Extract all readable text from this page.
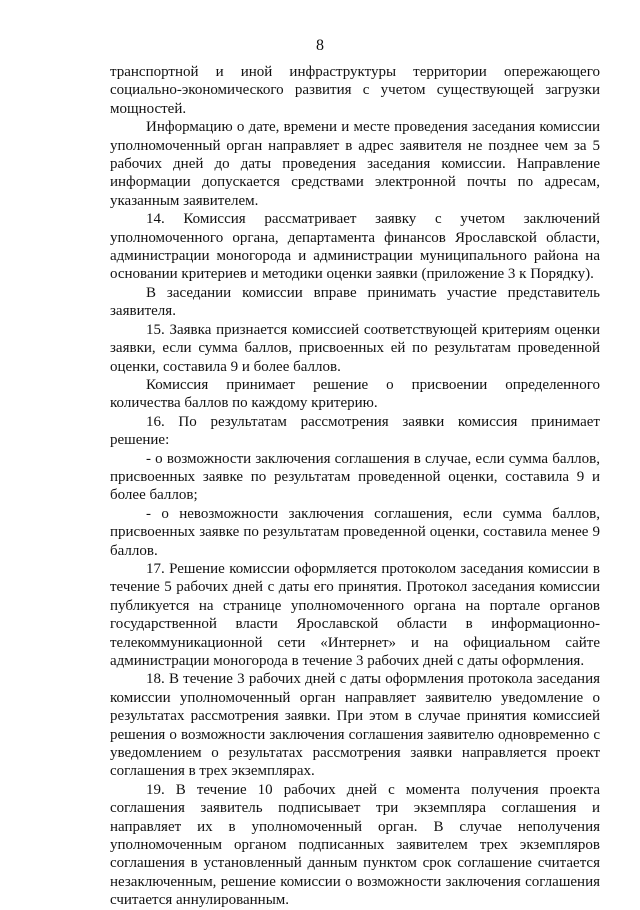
8

транспортной и иной инфраструктуры территории опережающего социально-экономического развития с учетом существующей загрузки мощностей.

Информацию о дате, времени и месте проведения заседания комиссии уполномоченный орган направляет в адрес заявителя не позднее чем за 5 рабочих дней до даты проведения заседания комиссии. Направление информации допускается средствами электронной почты по адресам, указанным заявителем.

14. Комиссия рассматривает заявку с учетом заключений уполномоченного органа, департамента финансов Ярославской области, администрации моногорода и администрации муниципального района на основании критериев и методики оценки заявки (приложение 3 к Порядку).

В заседании комиссии вправе принимать участие представитель заявителя.

15. Заявка признается комиссией соответствующей критериям оценки заявки, если сумма баллов, присвоенных ей по результатам проведенной оценки, составила 9 и более баллов.

Комиссия принимает решение о присвоении определенного количества баллов по каждому критерию.

16. По результатам рассмотрения заявки комиссия принимает решение:

- о возможности заключения соглашения в случае, если сумма баллов, присвоенных заявке по результатам проведенной оценки, составила 9 и более баллов;

- о невозможности заключения соглашения, если сумма баллов, присвоенных заявке по результатам проведенной оценки, составила менее 9 баллов.

17. Решение комиссии оформляется протоколом заседания комиссии в течение 5 рабочих дней с даты его принятия. Протокол заседания комиссии публикуется на странице уполномоченного органа на портале органов государственной власти Ярославской области в информационно-телекоммуникационной сети «Интернет» и на официальном сайте администрации моногорода в течение 3 рабочих дней с даты оформления.

18. В течение 3 рабочих дней с даты оформления протокола заседания комиссии уполномоченный орган направляет заявителю уведомление о результатах рассмотрения заявки. При этом в случае принятия комиссией решения о возможности заключения соглашения заявителю одновременно с уведомлением о результатах рассмотрения заявки направляется проект соглашения в трех экземплярах.

19. В течение 10 рабочих дней с момента получения проекта соглашения заявитель подписывает три экземпляра соглашения и направляет их в уполномоченный орган. В случае неполучения уполномоченным органом подписанных заявителем трех экземпляров соглашения в установленный данным пунктом срок соглашение считается незаключенным, решение комиссии о возможности заключения соглашения считается аннулированным.
